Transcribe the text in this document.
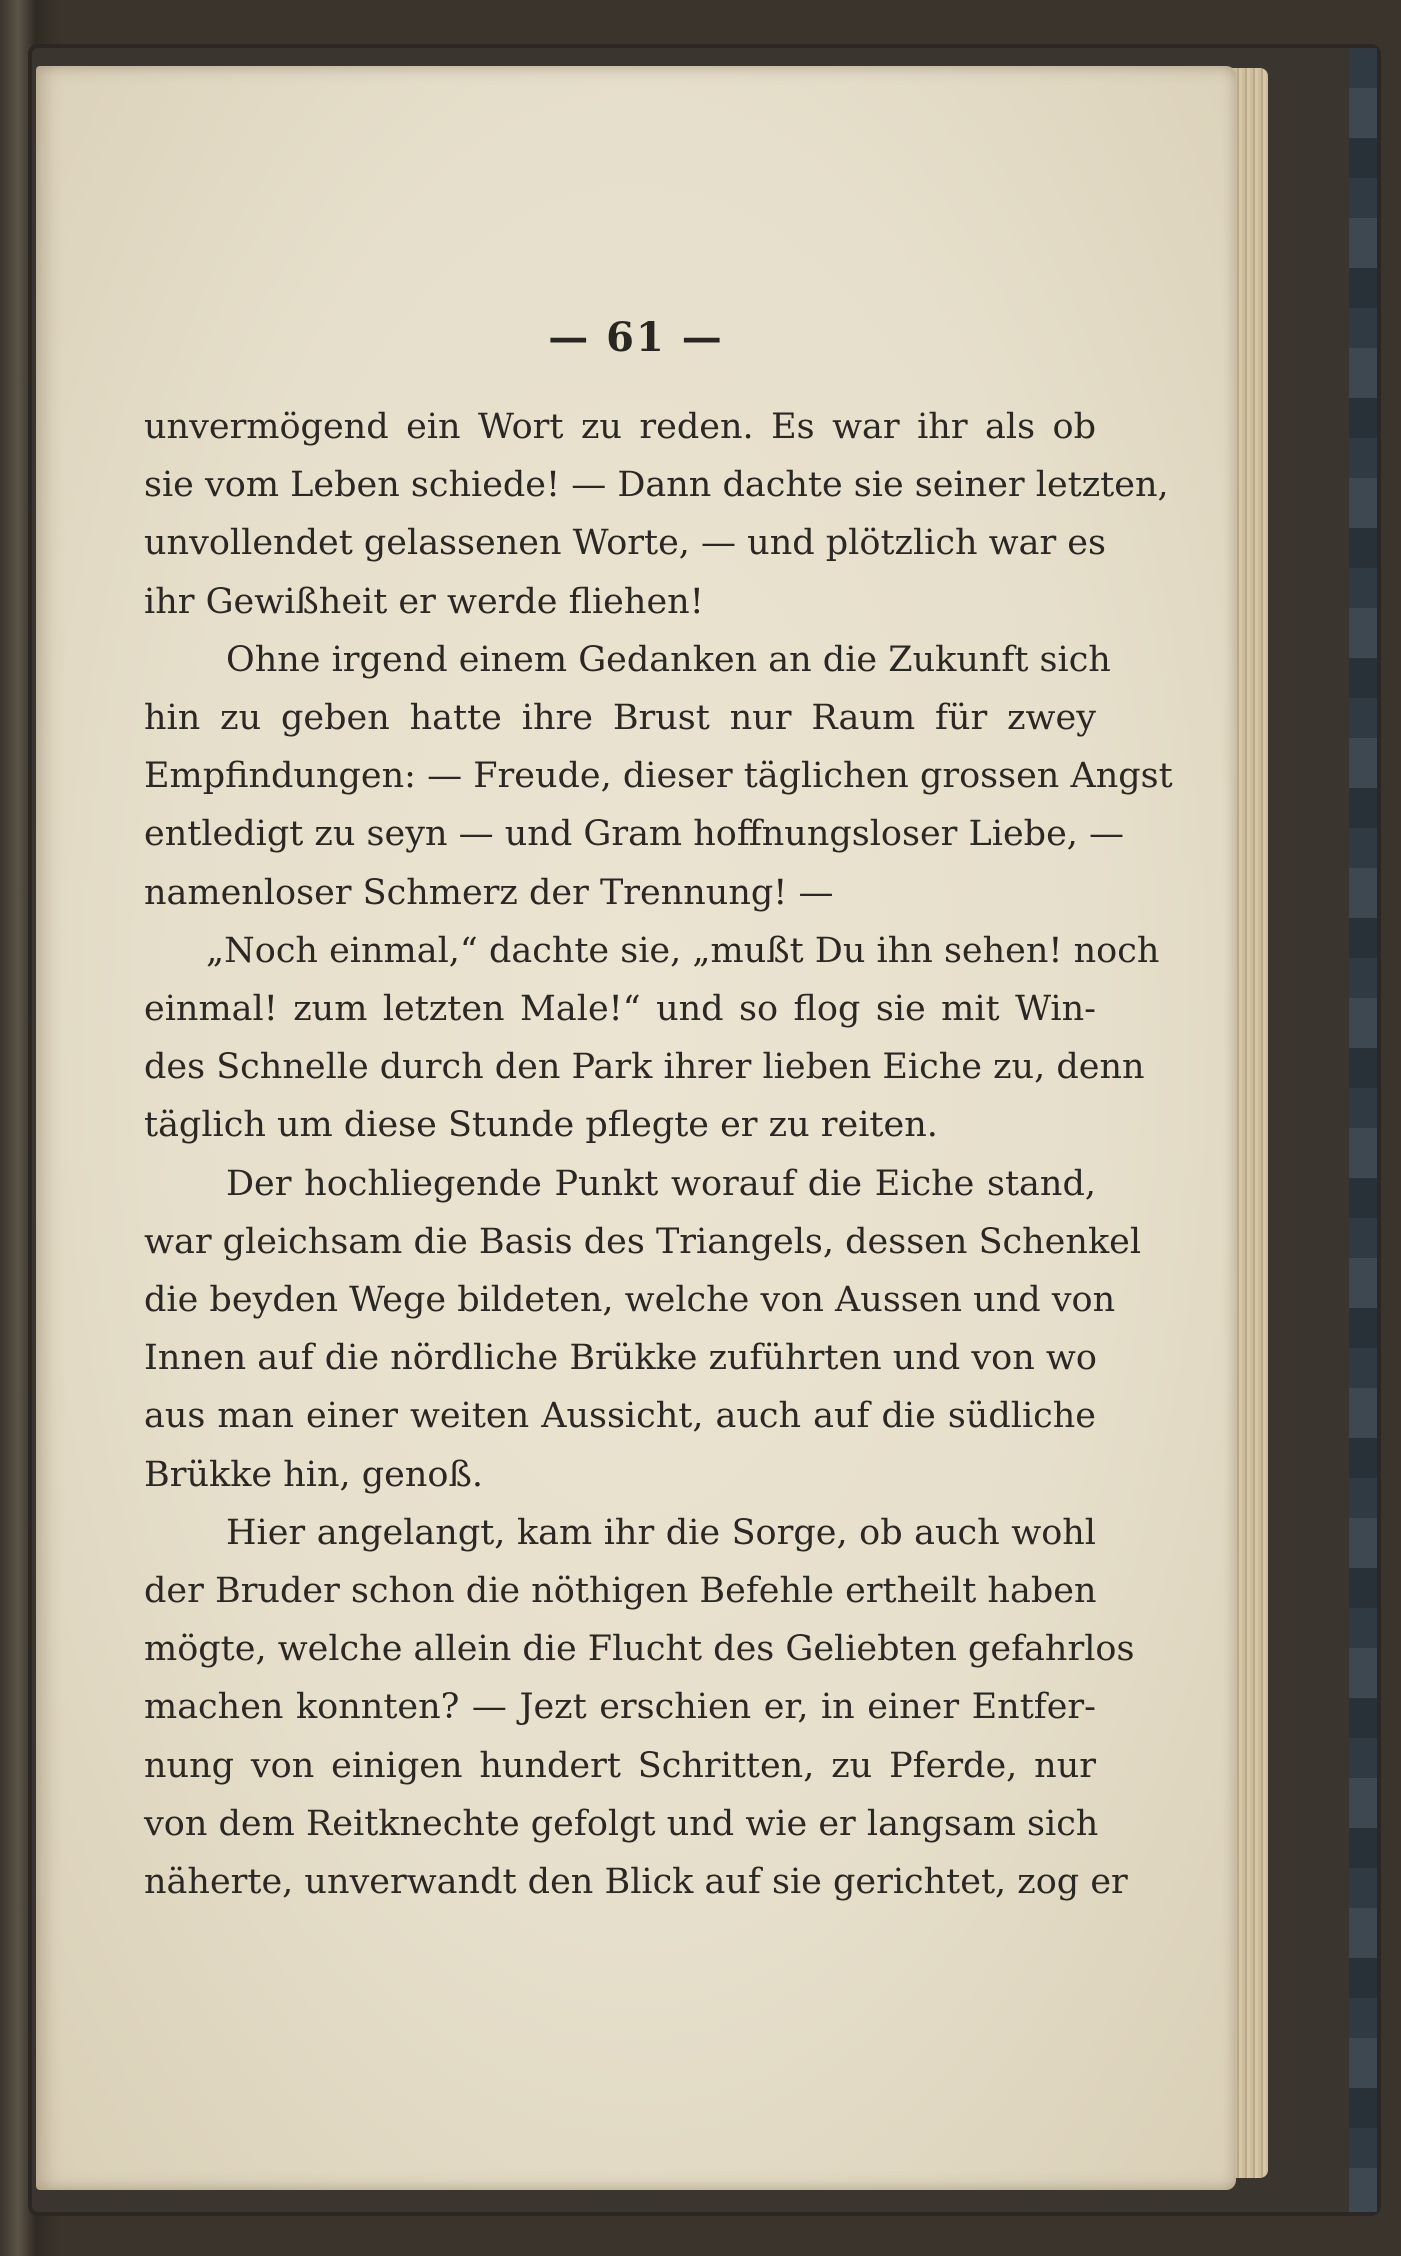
— 61 —
unvermögend ein Wort zu reden. Es war ihr als ob
sie vom Leben schiede! — Dann dachte sie seiner letzten,
unvollendet gelassenen Worte, — und plötzlich war es
ihr Gewißheit er werde fliehen!
Ohne irgend einem Gedanken an die Zukunft sich
hin zu geben hatte ihre Brust nur Raum für zwey
Empfindungen: — Freude, dieser täglichen grossen Angst
entledigt zu seyn — und Gram hoffnungsloser Liebe, —
namenloser Schmerz der Trennung! —
„Noch einmal,“ dachte sie, „mußt Du ihn sehen! noch
einmal! zum letzten Male!“ und so flog sie mit Win-
des Schnelle durch den Park ihrer lieben Eiche zu, denn
täglich um diese Stunde pflegte er zu reiten.
Der hochliegende Punkt worauf die Eiche stand,
war gleichsam die Basis des Triangels, dessen Schenkel
die beyden Wege bildeten, welche von Aussen und von
Innen auf die nördliche Brükke zuführten und von wo
aus man einer weiten Aussicht, auch auf die südliche
Brükke hin, genoß.
Hier angelangt, kam ihr die Sorge, ob auch wohl
der Bruder schon die nöthigen Befehle ertheilt haben
mögte, welche allein die Flucht des Geliebten gefahrlos
machen konnten? — Jezt erschien er, in einer Entfer-
nung von einigen hundert Schritten, zu Pferde, nur
von dem Reitknechte gefolgt und wie er langsam sich
näherte, unverwandt den Blick auf sie gerichtet, zog er
